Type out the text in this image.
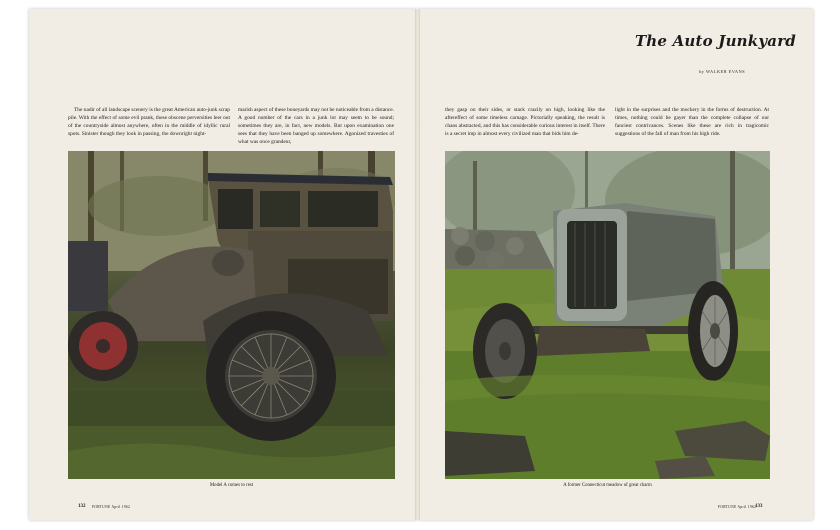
The Auto Junkyard
by WALKER EVANS

The nadir of all landscape scenery is the great American auto-junk scrap pile. With the effect of some evil prank, these obscene perversities leer out of the countryside almost anywhere, often in the middle of idyllic rural spots. Sinister though they look in passing, the downright night-

marish aspect of these boneyards may not be noticeable from a distance. A good number of the cars in a junk lot may seem to be sound; sometimes they are, in fact, new models. But upon examination one sees that they have been banged up somewhere. Agonized travesties of what was once grandeur,

they gasp on their sides, or stack crazily on high, looking like the aftereffect of some timeless carnage. Pictorially speaking, the result is chaos abstracted, and this has considerable curious interest in itself. There is a secret imp in almost every civilized man that bids him de-

light in the surprises and the mockery in the forms of destruction. At times, nothing could be gayer than the complete collapse of our fanciest contrivances. Scenes like these are rich in tragicomic suggestions of the fall of man from his high ride.

Model A comes to rest	A former Connecticut meadow of great charm
132 FORTUNE April 1962	FORTUNE April 1962
133
